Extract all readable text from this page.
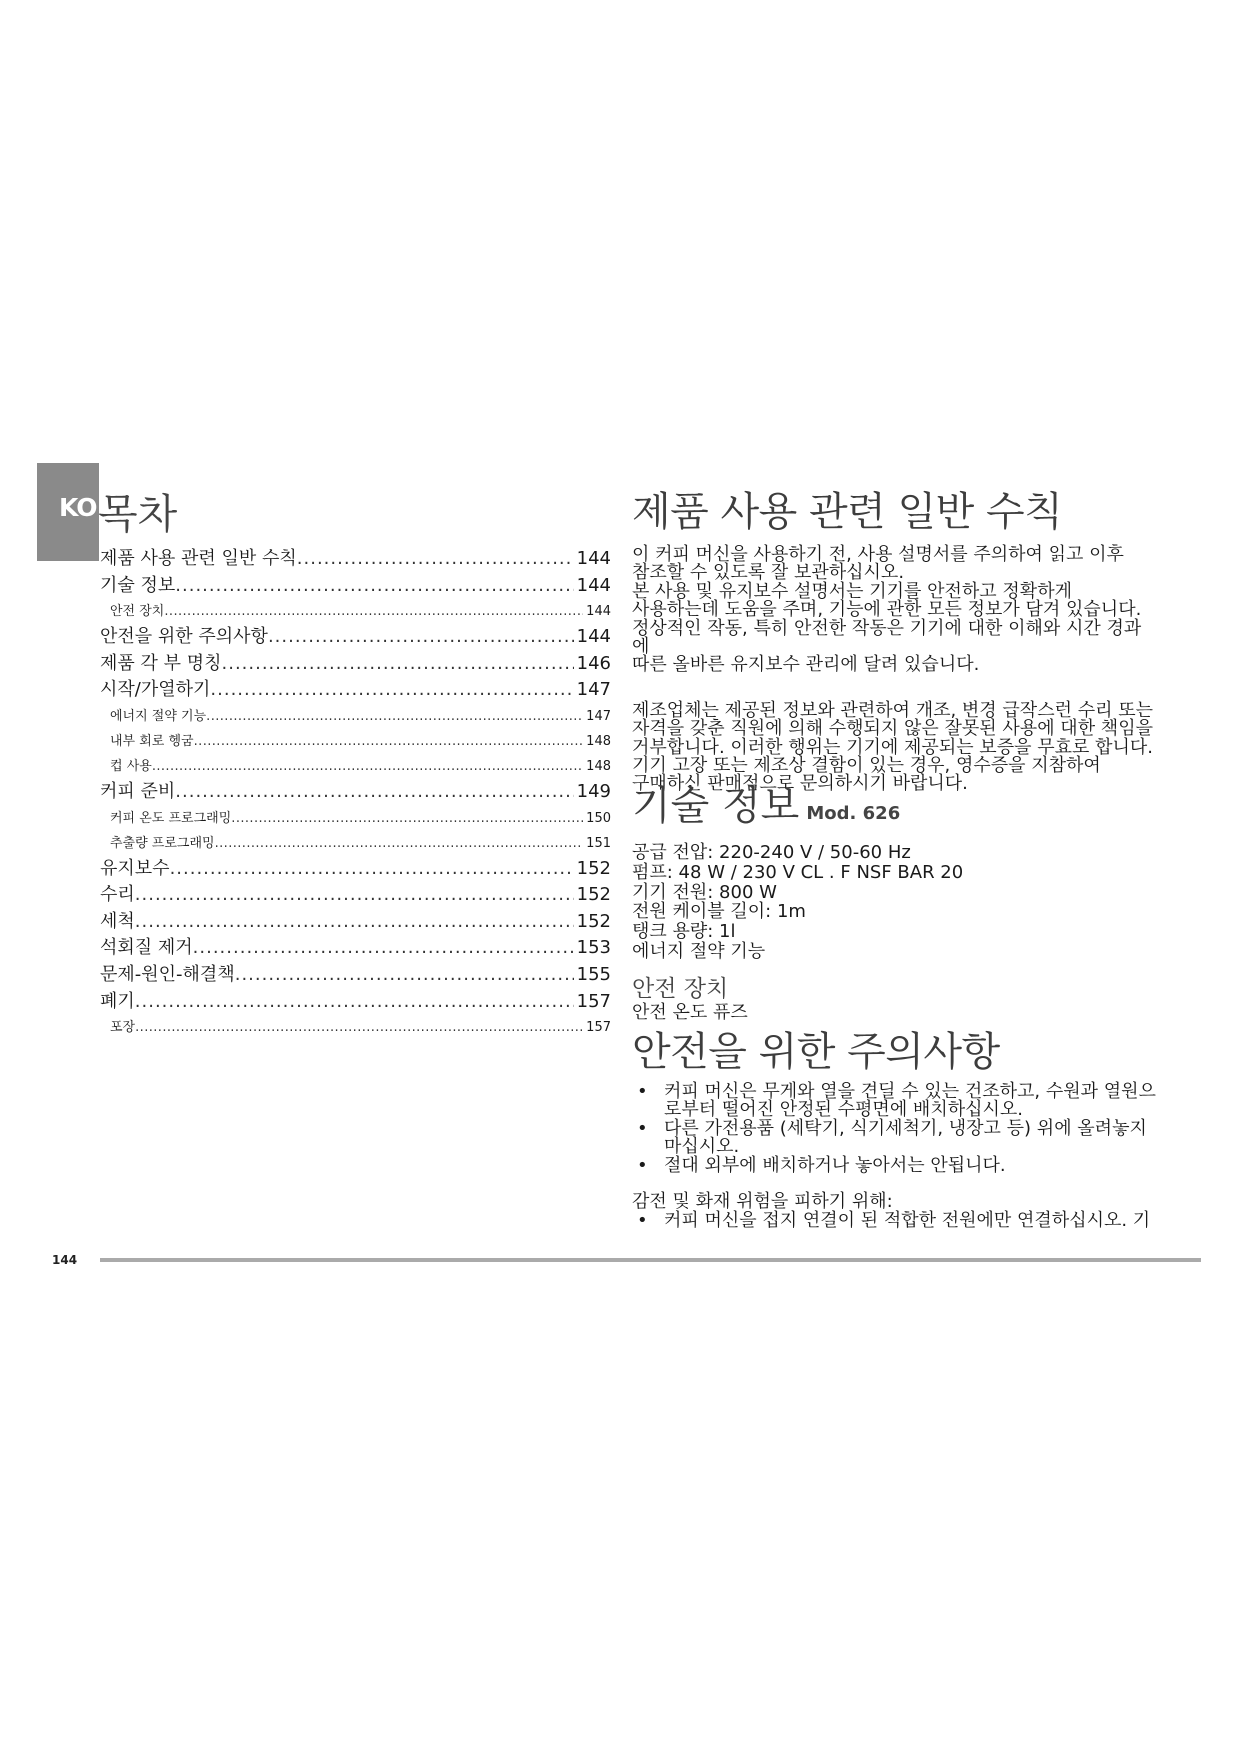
KO 목차
제품 사용 관련 일반 수칙 .....	144
기술 정보 .....	144
안전 장치 .....	144
안전을 위한 주의사항 .....	144
제품 각 부 명칭 .....	146
시작/가열하기 .....	147
에너지 절약 기능 .....	147
내부 회로 헹굼 .....	148
컵 사용 .....	148
커피 준비 .....	149
커피 온도 프로그래밍 .....	150
추출량 프로그래밍 .....	151
유지보수 .....	152
수리 .....	152
세척 .....	152
석회질 제거 .....	153
문제-원인-해결책 .....	155
폐기 .....	157
포장 .....	157
제품 사용 관련 일반 수칙

이 커피 머신을 사용하기 전, 사용 설명서를 주의하여 읽고 이후
참조할 수 있도록 잘 보관하십시오.
본 사용 및 유지보수 설명서는 기기를 안전하고 정확하게
사용하는데 도움을 주며, 기능에 관한 모든 정보가 담겨 있습니다.
정상적인 작동, 특히 안전한 작동은 기기에 대한 이해와 시간 경과에
따른 올바른 유지보수 관리에 달려 있습니다.

제조업체는 제공된 정보와 관련하여 개조, 변경 급작스런 수리 또는
자격을 갖춘 직원에 의해 수행되지 않은 잘못된 사용에 대한 책임을
거부합니다. 이러한 행위는 기기에 제공되는 보증을 무효로 합니다.
기기 고장 또는 제조상 결함이 있는 경우, 영수증을 지참하여
구매하신 판매점으로 문의하시기 바랍니다.

기술 정보 Mod. 626
공급 전압: 220-240 V / 50-60 Hz
펌프: 48 W / 230 V CL . F NSF BAR 20
기기 전원: 800 W
전원 케이블 길이: 1m
탱크 용량: 1l
에너지 절약 기능
안전 장치
안전 온도 퓨즈
안전을 위한 주의사항
• 커피 머신은 무게와 열을 견딜 수 있는 건조하고, 수원과 열원으
로부터 떨어진 안정된 수평면에 배치하십시오.
• 다른 가전용품 (세탁기, 식기세척기, 냉장고 등) 위에 올려놓지
마십시오.
• 절대 외부에 배치하거나 놓아서는 안됩니다.
감전 및 화재 위험을 피하기 위해:
• 커피 머신을 접지 연결이 된 적합한 전원에만 연결하십시오. 기
144
